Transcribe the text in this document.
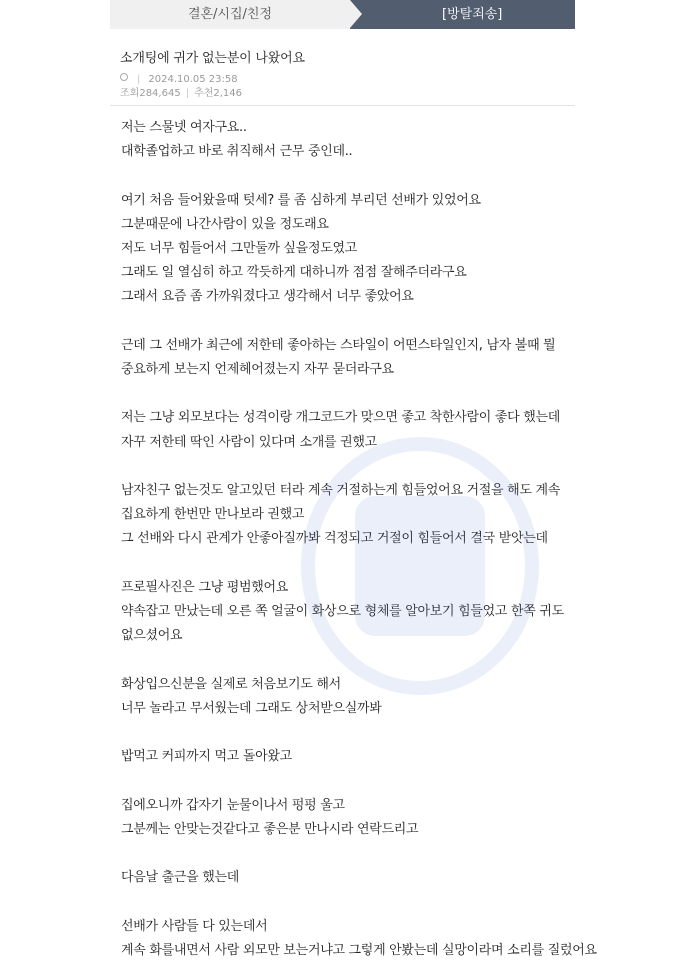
결혼/시집/친정	[방탈죄송]
소개팅에 귀가 없는분이 나왔어요
| 2024.10.05 23:58
조회284,645 | 추천2,146

저는 스물넷 여자구요..

대학졸업하고 바로 취직해서 근무 중인데..

여기 처음 들어왔을때 텃세? 를 좀 심하게 부리던 선배가 있었어요

그분때문에 나간사람이 있을 정도래요

저도 너무 힘들어서 그만둘까 싶을정도였고

그래도 일 열심히 하고 깍듯하게 대하니까 점점 잘해주더라구요

그래서 요즘 좀 가까워졌다고 생각해서 너무 좋았어요

근데 그 선배가 최근에 저한테 좋아하는 스타일이 어떤스타일인지, 남자 볼때 뭘

중요하게 보는지 언제헤어졌는지 자꾸 묻더라구요

저는 그냥 외모보다는 성격이랑 개그코드가 맞으면 좋고 착한사람이 좋다 했는데

자꾸 저한테 딱인 사람이 있다며 소개를 권했고

남자친구 없는것도 알고있던 터라 계속 거절하는게 힘들었어요 거절을 해도 계속

집요하게 한번만 만나보라 권했고

그 선배와 다시 관계가 안좋아질까봐 걱정되고 거절이 힘들어서 결국 받앗는데

프로필사진은 그냥 평범했어요

약속잡고 만났는데 오른 쪽 얼굴이 화상으로 형체를 알아보기 힘들었고 한쪽 귀도

없으셨어요

화상입으신분을 실제로 처음보기도 해서

너무 놀라고 무서웠는데 그래도 상처받으실까봐

밥먹고 커피까지 먹고 돌아왔고

집에오니까 갑자기 눈물이나서 펑펑 울고

그분께는 안맞는것같다고 좋은분 만나시라 연락드리고

다음날 출근을 했는데

선배가 사람들 다 있는데서

계속 화를내면서 사람 외모만 보는거냐고 그렇게 안봤는데 실망이라며 소리를 질렀어요
